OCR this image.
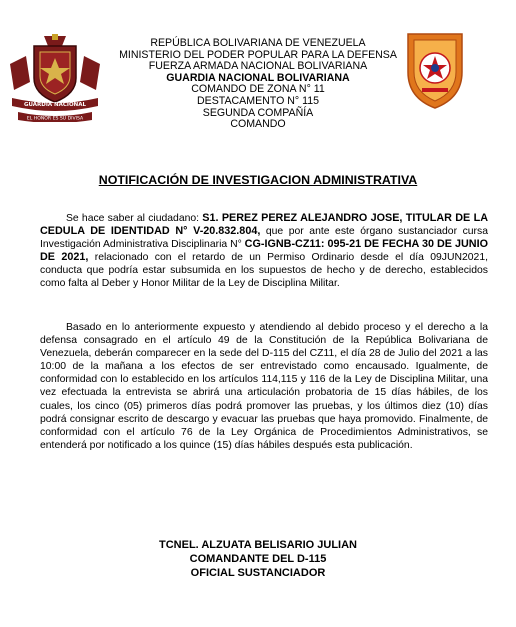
GUARDIA NACIONAL
EL HONOR ES SU DIVISA
REPÚBLICA BOLIVARIANA DE VENEZUELA
MINISTERIO DEL PODER POPULAR PARA LA DEFENSA
FUERZA ARMADA NACIONAL BOLIVARIANA
GUARDIA NACIONAL BOLIVARIANA
COMANDO DE ZONA N° 11
DESTACAMENTO N° 115
SEGUNDA COMPAÑÍA
COMANDO
NOTIFICACIÓN DE INVESTIGACION ADMINISTRATIVA

Se hace saber al ciudadano: S1. PEREZ PEREZ ALEJANDRO JOSE, TITULAR DE LA CEDULA DE IDENTIDAD N° V-20.832.804, que por ante este órgano sustanciador cursa Investigación Administrativa Disciplinaria N° CG-IGNB-CZ11: 095-21 DE FECHA 30 DE JUNIO DE 2021, relacionado con el retardo de un Permiso Ordinario desde el día 09JUN2021, conducta que podría estar subsumida en los supuestos de hecho y de derecho, establecidos como falta al Deber y Honor Militar de la Ley de Disciplina Militar.

Basado en lo anteriormente expuesto y atendiendo al debido proceso y el derecho a la defensa consagrado en el artículo 49 de la Constitución de la República Bolivariana de Venezuela, deberán comparecer en la sede del D-115 del CZ11, el día 28 de Julio del 2021 a las 10:00 de la mañana a los efectos de ser entrevistado como encausado. Igualmente, de conformidad con lo establecido en los artículos 114,115 y 116 de la Ley de Disciplina Militar, una vez efectuada la entrevista se abrirá una articulación probatoria de 15 días hábiles, de los cuales, los cinco (05) primeros días podrá promover las pruebas, y los últimos diez (10) días podrá consignar escrito de descargo y evacuar las pruebas que haya promovido. Finalmente, de conformidad con el artículo 76 de la Ley Orgánica de Procedimientos Administrativos, se entenderá por notificado a los quince (15) días hábiles después esta publicación.

TCNEL. ALZUATA BELISARIO JULIAN
COMANDANTE DEL D-115
OFICIAL SUSTANCIADOR
